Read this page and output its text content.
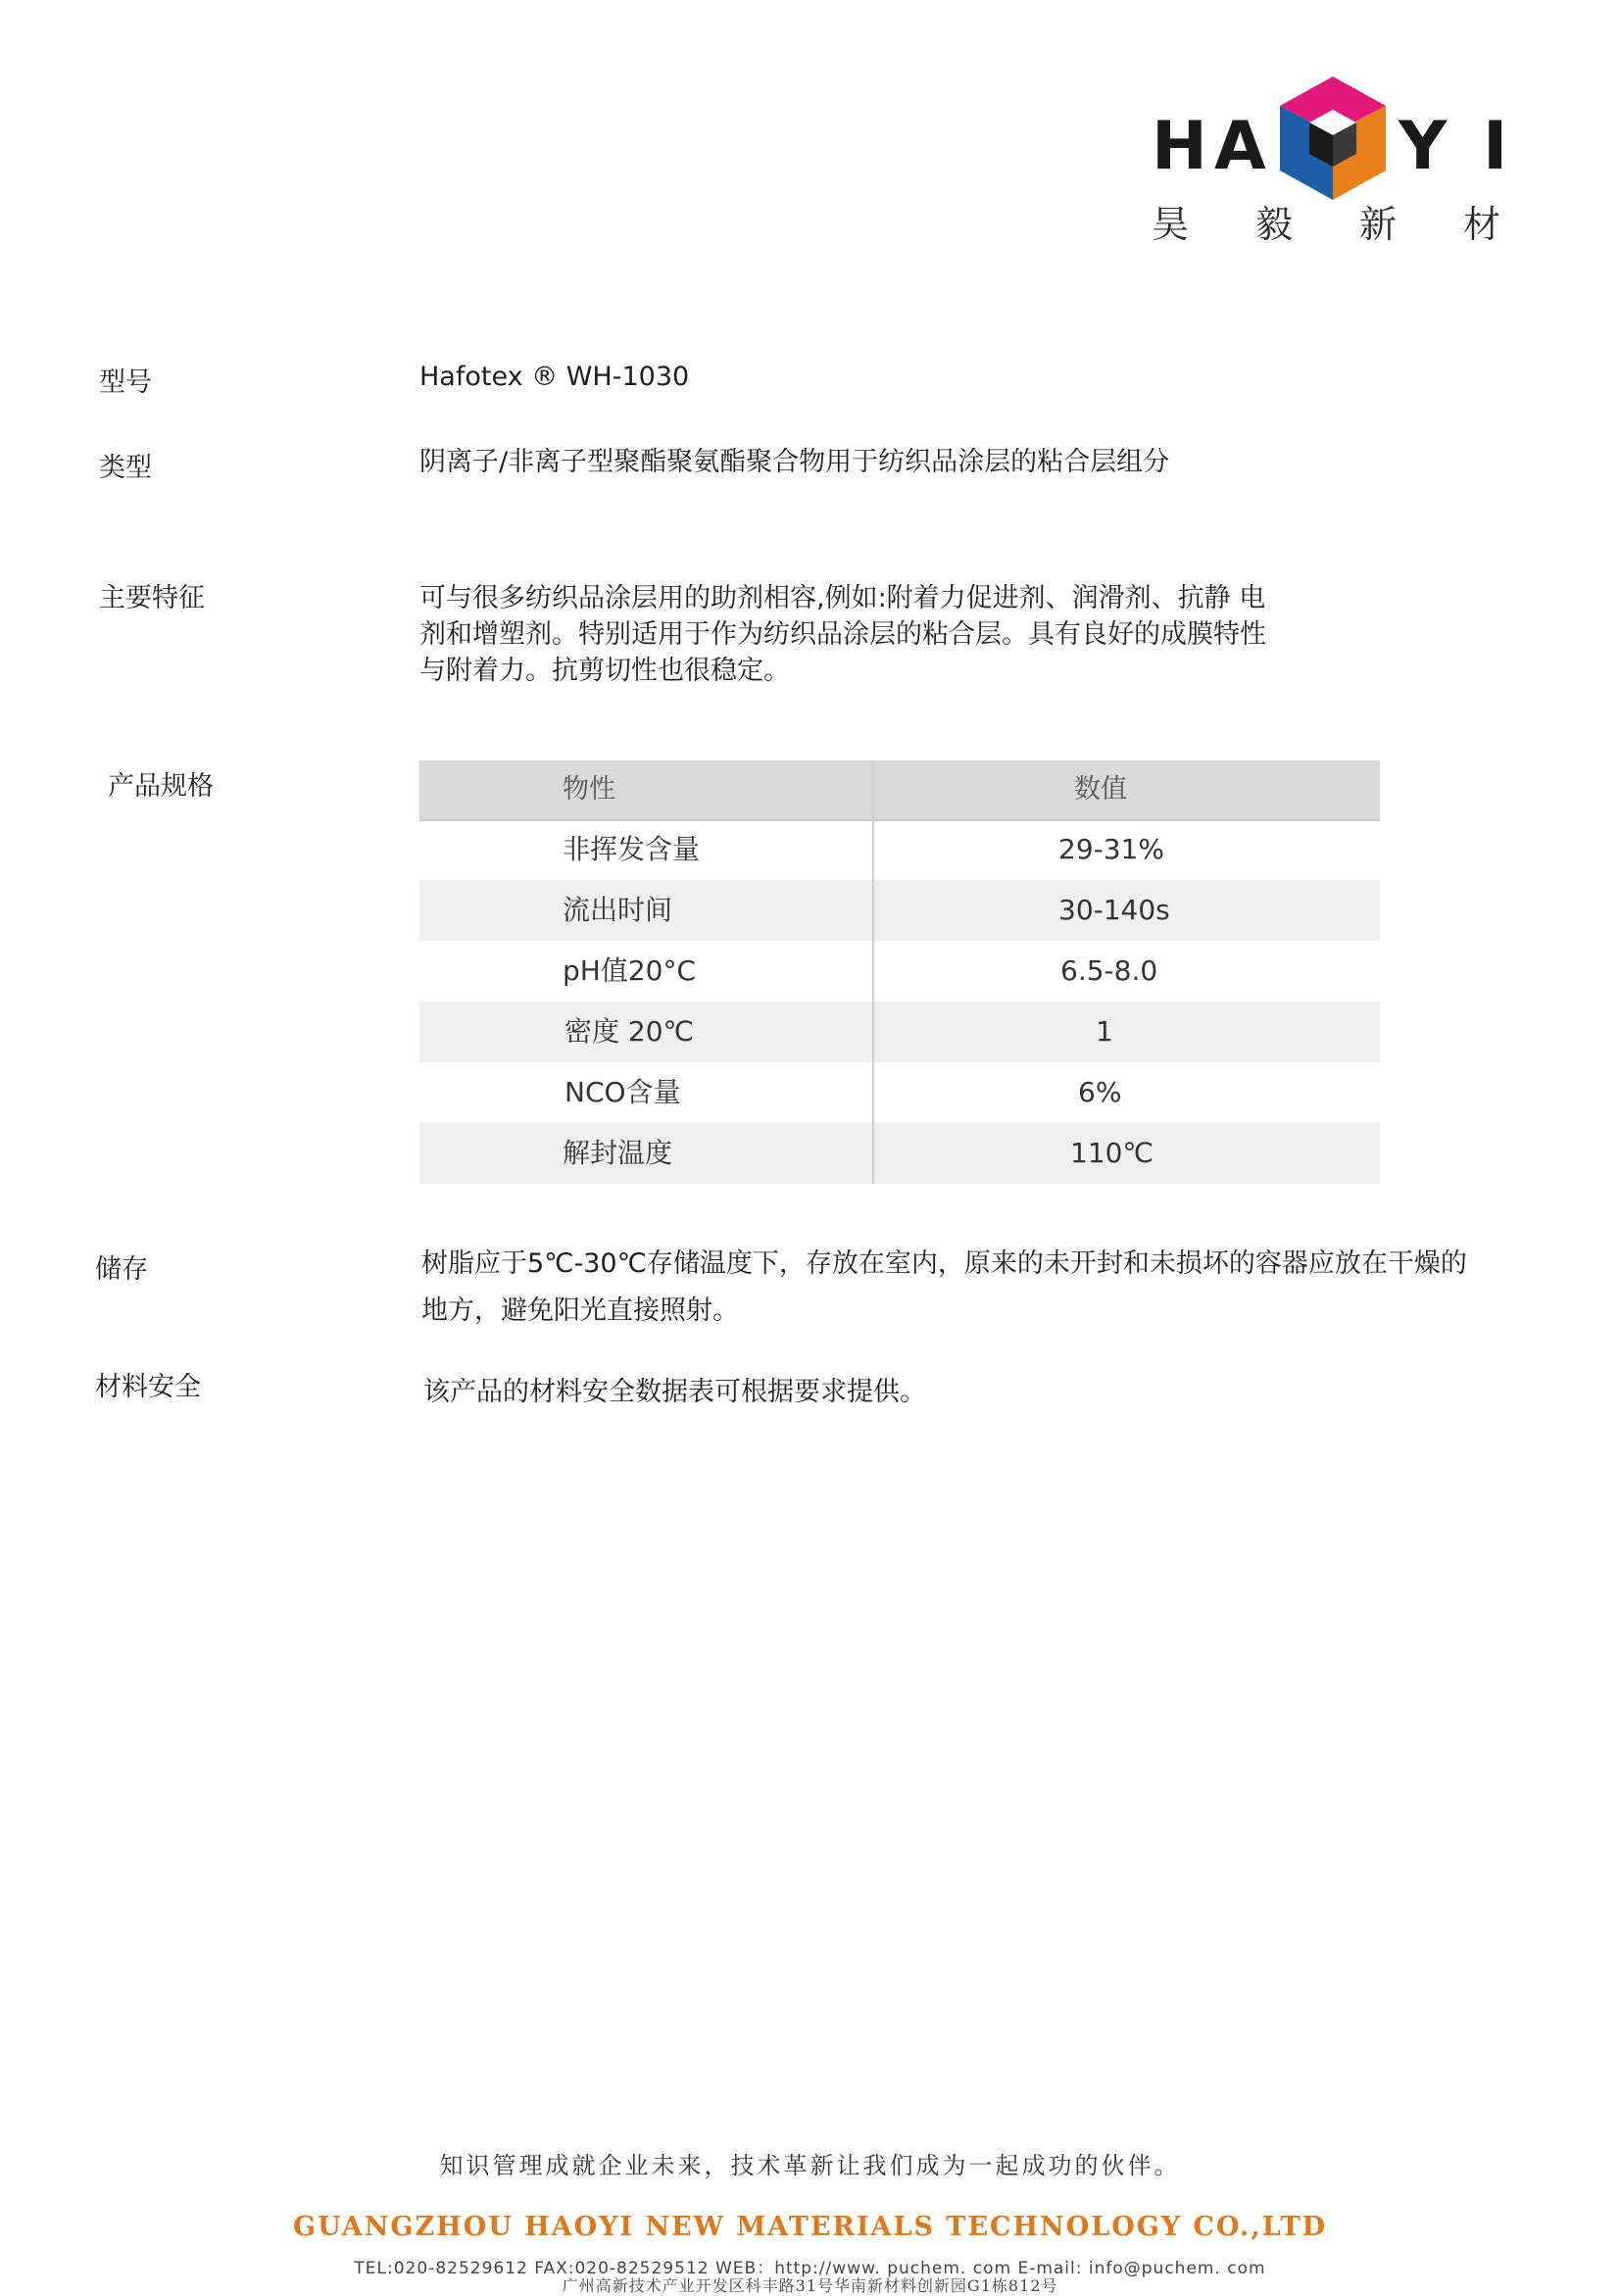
H A Y I
昊 毅 新 材
型号	Hafotex ® WH-1030
类型	阴离子/非离子型聚酯聚氨酯聚合物用于纺织品涂层的粘合层组分
主要特征	可与很多纺织品涂层用的助剂相容,例如:附着力促进剂、润滑剂、抗静 电
剂和增塑剂。特别适用于作为纺织品涂层的粘合层。具有良好的成膜特性
与附着力。抗剪切性也很稳定。
产品规格	物性	数值
非挥发含量	29-31%
流出时间	30-140s
pH值20°C	6.5-8.0
密度 20℃	1
NCO含量	6%
解封温度	110℃
储存	树脂应于5℃-30℃存储温度下，存放在室内，原来的未开封和未损坏的容器应放在干燥的
地方，避免阳光直接照射。
材料安全	该产品的材料安全数据表可根据要求提供。
知识管理成就企业未来，技术革新让我们成为一起成功的伙伴。
GUANGZHOU HAOYI NEW MATERIALS TECHNOLOGY CO.,LTD
TEL:020-82529612 FAX:020-82529512 WEB：http://www. puchem. com E-mail: info@puchem. com
广州高新技术产业开发区科丰路31号华南新材料创新园G1栋812号
